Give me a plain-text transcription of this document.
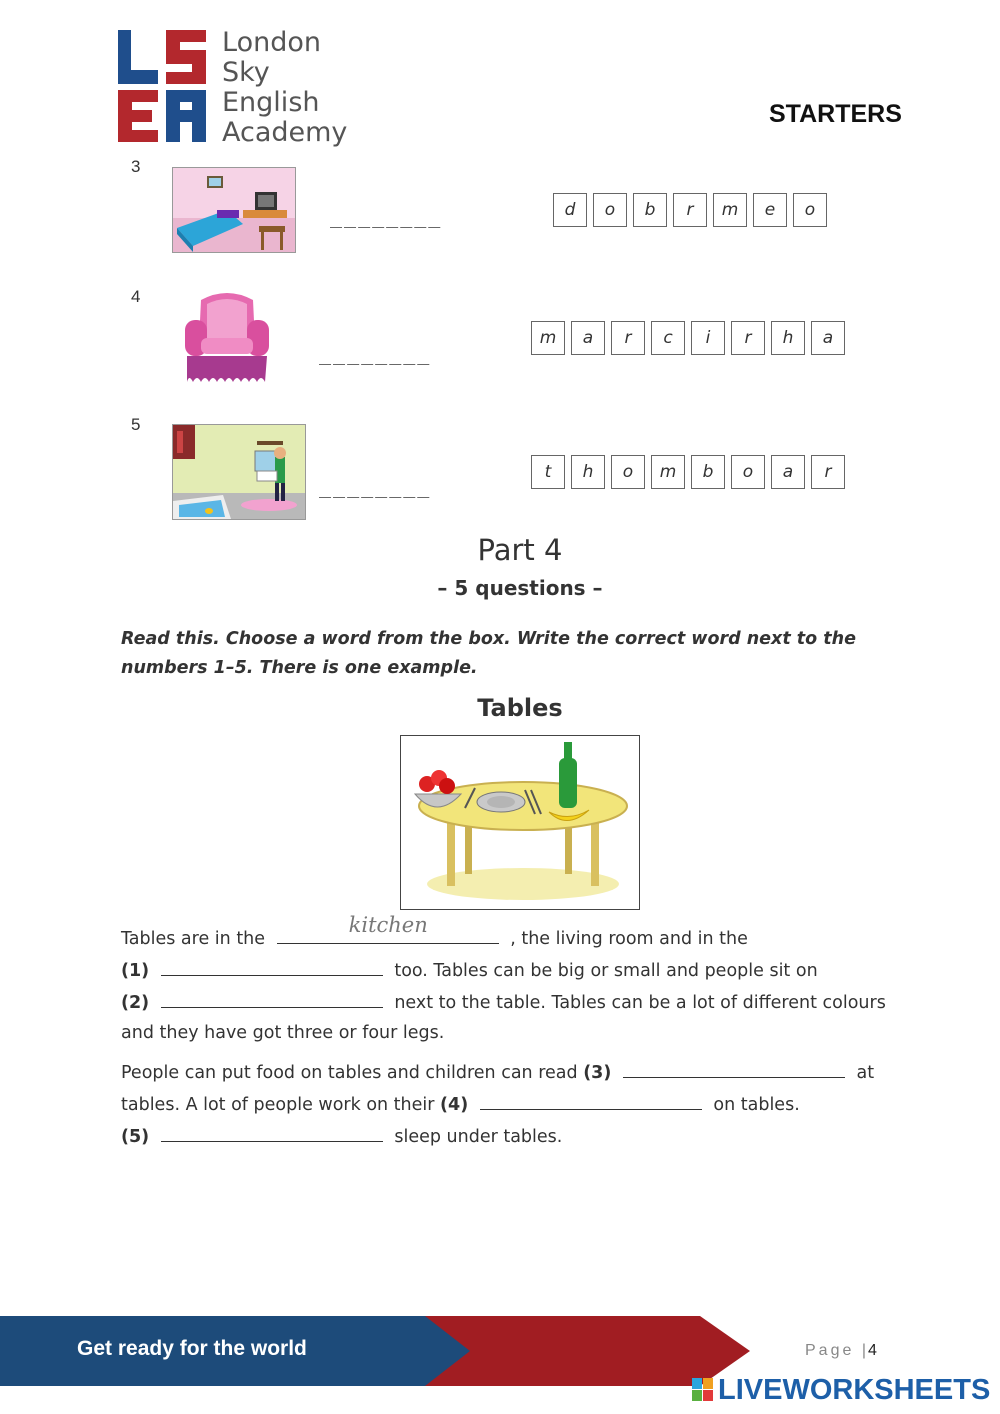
London
Sky
English
Academy
STARTERS
3
________	d	o	b	r	m	e	o
4
________
m	a	r	c	i	r	h	a
5
________
t	h	o	m	b	o	a	r
Part 4
– 5 questions –
Read this. Choose a word from the box. Write the correct word next to the
numbers 1–5. There is one example.
Tables
Tables are in the
kitchen
, the living room and in the
(1)	too. Tables can be big or small and people sit on
(2)	next to the table. Tables can be a lot of different colours
and they have got three or four legs.
People can put food on tables and children can read (3)	at
tables. A lot of people work on their (4)	on tables.
(5)	sleep under tables.
Get ready for the world	Page | 4
LIVEWORKSHEETS
